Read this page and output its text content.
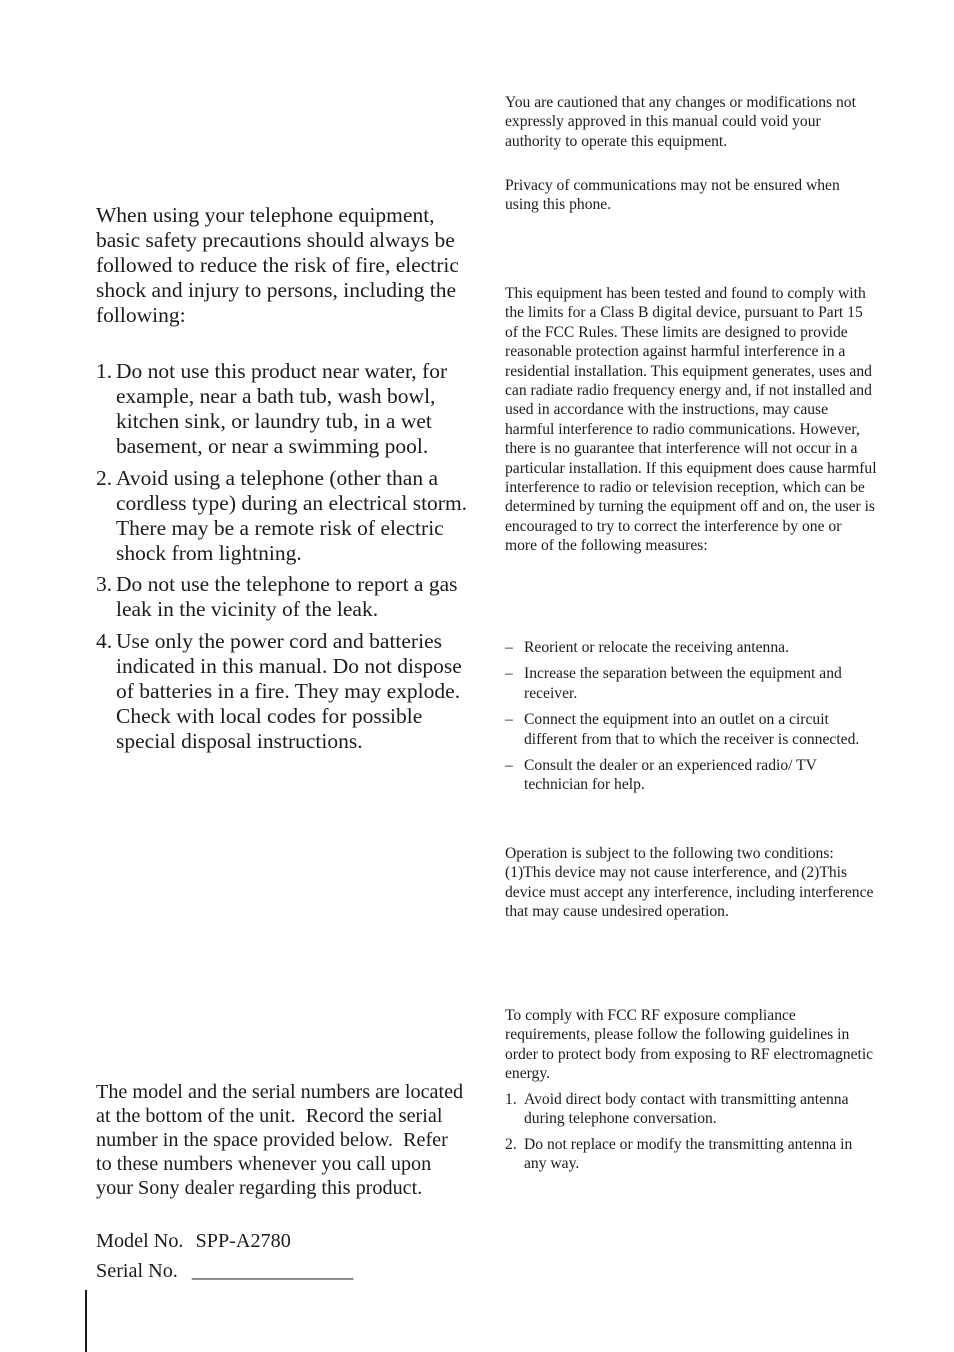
When using your telephone equipment, basic safety precautions should always be followed to reduce the risk of fire, electric shock and injury to persons, including the following:

1. Do not use this product near water, for example, near a bath tub, wash bowl, kitchen sink, or laundry tub, in a wet basement, or near a swimming pool.
2. Avoid using a telephone (other than a cordless type) during an electrical storm.  There may be a remote risk of electric shock from lightning.
3. Do not use the telephone to report a gas leak in the vicinity of the leak.
4. Use only the power cord and batteries indicated in this manual. Do not dispose of batteries in a fire. They may explode. Check with local codes for possible special disposal instructions.

The model and the serial numbers are located at the bottom of the unit.  Record the serial number in the space provided below.  Refer to these numbers whenever you call upon your Sony dealer regarding this product.

Model No. SPP-A2780
Serial No. ________________

You are cautioned that any changes or modifications not expressly approved in this manual could void your authority to operate this equipment.

Privacy of communications may not be ensured when using this phone.

This equipment has been tested and found to comply with the limits for a Class B digital device, pursuant to Part 15 of the FCC Rules. These limits are designed to provide reasonable protection against harmful interference in a residential installation. This equipment generates, uses and can radiate radio frequency energy and, if not installed and used in accordance with the instructions, may cause harmful interference to radio communications. However, there is no guarantee that interference will not occur in a particular installation. If this equipment does cause harmful interference to radio or television reception, which can be determined by turning the equipment off and on, the user is encouraged to try to correct the interference by one or more of the following measures:

– Reorient or relocate the receiving antenna.
– Increase the separation between the equipment and receiver.
– Connect the equipment into an outlet on a circuit different from that to which the receiver is connected.
– Consult the dealer or an experienced radio/ TV technician for help.

Operation is subject to the following two conditions: (1)This device may not cause interference, and (2)This device must accept any interference, including interference that may cause undesired operation.

To comply with FCC RF exposure compliance requirements, please follow the following guidelines in order to protect body from exposing to RF electromagnetic energy.

1. Avoid direct body contact with transmitting antenna during telephone conversation.
2. Do not replace or modify the transmitting antenna in any way.
